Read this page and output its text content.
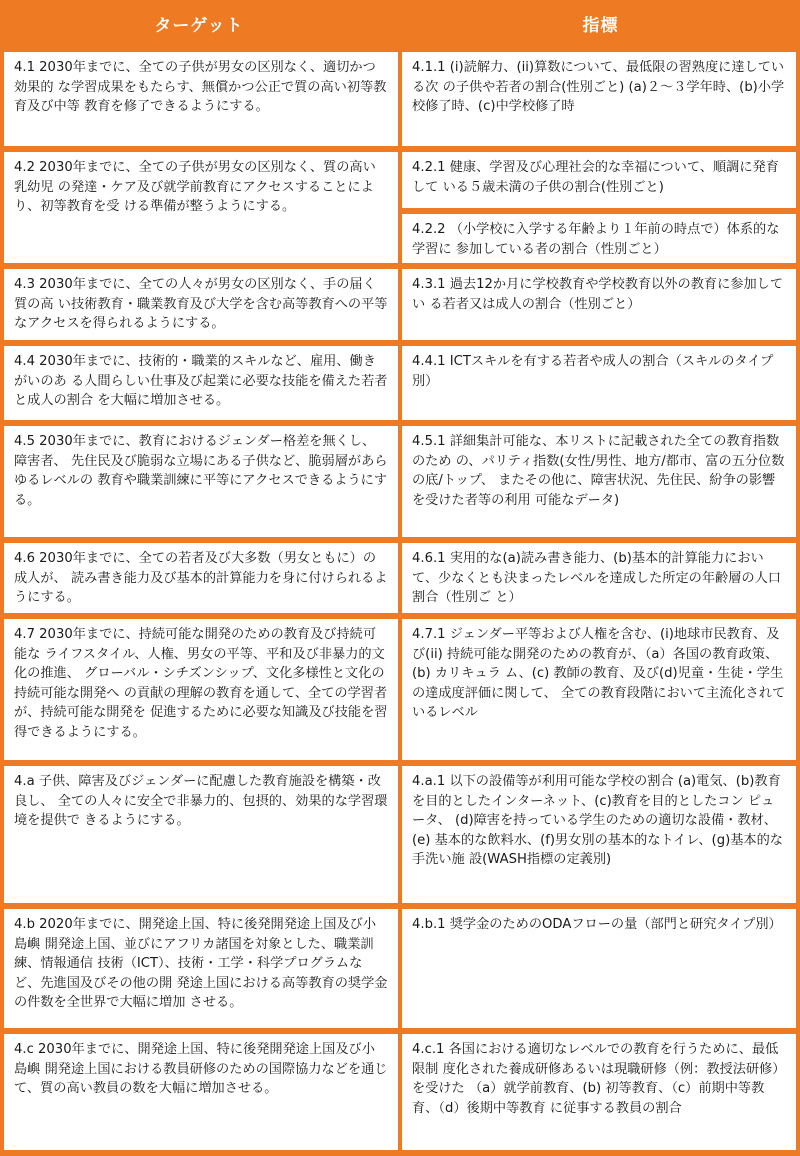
ターゲット	指標
4.1 2030年までに、全ての子供が男女の区別なく、適切かつ効果的 な学習成果をもたらす、無償かつ公正で質の高い初等教育及び中等 教育を修了できるようにする。
4.1.1 (i)読解力、(ii)算数について、最低限の習熟度に達している次 の子供や若者の割合(性別ごと) (a)２〜３学年時、(b)小学校修了時、(c)中学校修了時
4.2 2030年までに、全ての子供が男女の区別なく、質の高い乳幼児 の発達・ケア及び就学前教育にアクセスすることにより、初等教育を受 ける準備が整うようにする。
4.2.1 健康、学習及び心理社会的な幸福について、順調に発育して いる５歳未満の子供の割合(性別ごと)
4.2.2 （小学校に入学する年齢より１年前の時点で）体系的な学習に 参加している者の割合（性別ごと）
4.3 2030年までに、全ての人々が男女の区別なく、手の届く質の高 い技術教育・職業教育及び大学を含む高等教育への平等なアクセスを得られるようにする。
4.3.1 過去12か月に学校教育や学校教育以外の教育に参加してい る若者又は成人の割合（性別ごと）
4.4 2030年までに、技術的・職業的スキルなど、雇用、働きがいのあ る人間らしい仕事及び起業に必要な技能を備えた若者と成人の割合 を大幅に増加させる。
4.4.1 ICTスキルを有する若者や成人の割合（スキルのタイプ別）
4.5 2030年までに、教育におけるジェンダー格差を無くし、障害者、 先住民及び脆弱な立場にある子供など、脆弱層があらゆるレベルの 教育や職業訓練に平等にアクセスできるようにする。
4.5.1 詳細集計可能な、本リストに記載された全ての教育指数のため の、パリティ指数(女性/男性、地方/都市、富の五分位数の底/トップ、 またその他に、障害状況、先住民、紛争の影響を受けた者等の利用 可能なデータ)
4.6 2030年までに、全ての若者及び大多数（男女ともに）の成人が、 読み書き能力及び基本的計算能力を身に付けられるようにする。
4.6.1 実用的な(a)読み書き能力、(b)基本的計算能力において、少なくとも決まったレベルを達成した所定の年齢層の人口割合（性別ご と）
4.7 2030年までに、持続可能な開発のための教育及び持続可能な ライフスタイル、人権、男女の平等、平和及び非暴力的文化の推進、 グローバル・シチズンシップ、文化多様性と文化の持続可能な開発へ の貢献の理解の教育を通して、全ての学習者が、持続可能な開発を 促進するために必要な知識及び技能を習得できるようにする。
4.7.1 ジェンダー平等および人権を含む、(i)地球市民教育、及び(ii) 持続可能な開発のための教育が、（a）各国の教育政策、(b) カリキュラ ム、(c) 教師の教育、及び(d)児童・生徒・学生の達成度評価に関して、 全ての教育段階において主流化されているレベル
4.a 子供、障害及びジェンダーに配慮した教育施設を構築・改良し、 全ての人々に安全で非暴力的、包摂的、効果的な学習環境を提供で きるようにする。
4.a.1 以下の設備等が利用可能な学校の割合 (a)電気、(b)教育を目的としたインターネット、(c)教育を目的としたコン ピュータ、 (d)障害を持っている学生のための適切な設備・教材、 (e) 基本的な飲料水、(f)男女別の基本的なトイレ、(g)基本的な手洗い施 設(WASH指標の定義別)
4.b 2020年までに、開発途上国、特に後発開発途上国及び小島嶼 開発途上国、並びにアフリカ諸国を対象とした、職業訓練、情報通信 技術（ICT）、技術・工学・科学プログラムなど、先進国及びその他の開 発途上国における高等教育の奨学金の件数を全世界で大幅に増加 させる。
4.b.1 奨学金のためのODAフローの量（部門と研究タイプ別）
4.c 2030年までに、開発途上国、特に後発開発途上国及び小島嶼 開発途上国における教員研修のための国際協力などを通じて、質の高い教員の数を大幅に増加させる。
4.c.1 各国における適切なレベルでの教育を行うために、最低限制 度化された養成研修あるいは現職研修（例：教授法研修）を受けた （a）就学前教育、(b) 初等教育、（c）前期中等教育、（d）後期中等教育 に従事する教員の割合
